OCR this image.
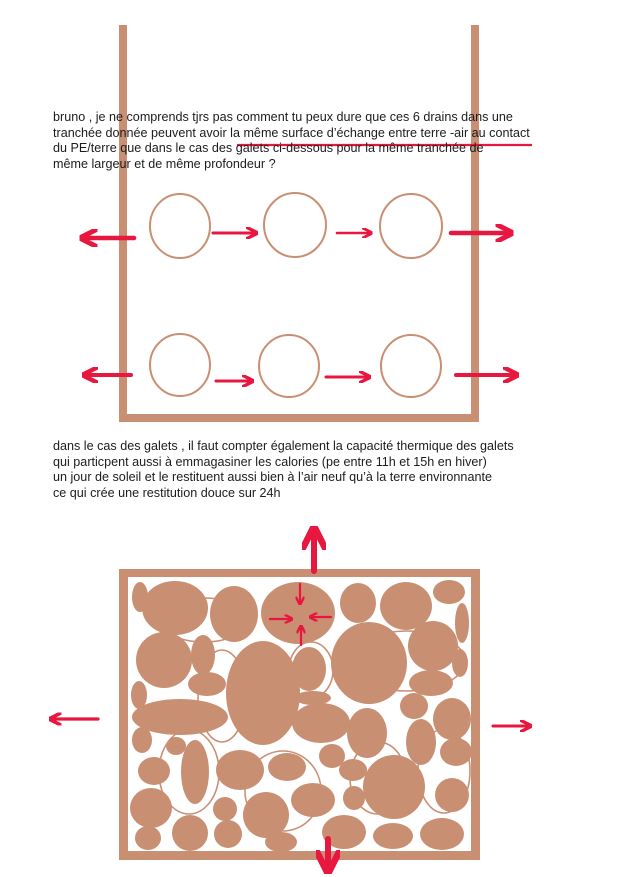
bruno , je ne comprends tjrs pas comment tu peux dure que ces 6 drains dans une
tranchée donnée peuvent avoir la même surface d’échange entre terre -air au contact
du PE/terre que dans le cas des galets ci-dessous pour la même tranchée de
même largeur et de même profondeur ?
dans le cas des galets , il faut compter également la capacité thermique des galets
qui particpent aussi à emmagasiner les calories (pe entre 11h et 15h en hiver)
un jour de soleil et le restituent aussi bien à l’air neuf qu’à la terre environnante
ce qui crée une restitution douce sur 24h
